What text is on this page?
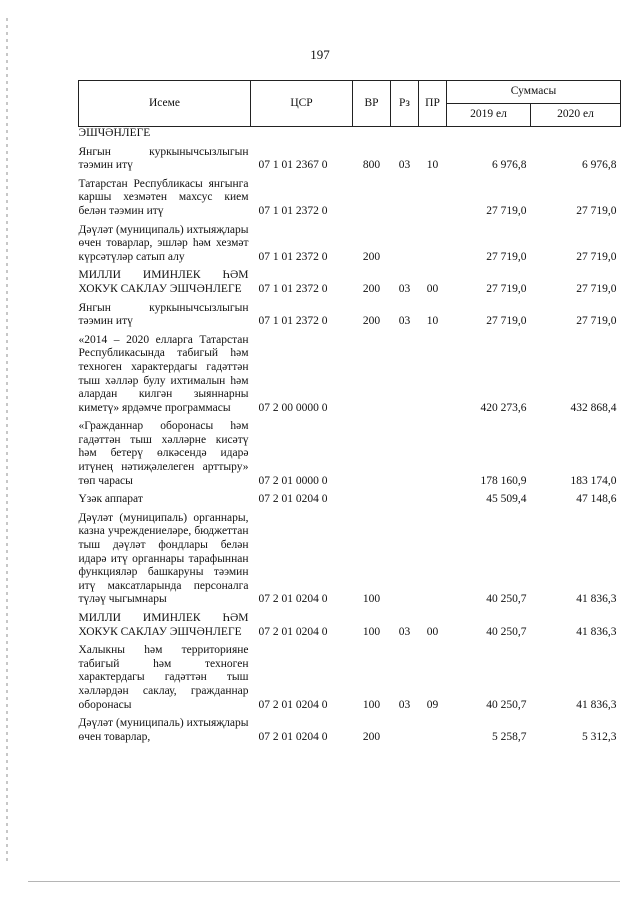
197
Исеме	ЦСР	ВР	Рз	ПР	Суммасы	
					2019 ел	2020 ел
ЭШЧӘНЛЕГЕ						
Янгын куркынычсызлыгын тәэмин итү	07 1 01 2367 0	800	03	10	6 976,8	6 976,8
Татарстан Республикасы янгынга каршы хезмәтен махсус кием белән тәэмин итү	07 1 01 2372 0				27 719,0	27 719,0
Дәүләт (муниципаль) ихтыяҗлары өчен товарлар, эшләр һәм хезмәт күрсәтүләр сатып алу	07 1 01 2372 0	200			27 719,0	27 719,0
МИЛЛИ ИМИНЛЕК ҺӘМ ХОКУК САКЛАУ ЭШЧӘНЛЕГЕ	07 1 01 2372 0	200	03	00	27 719,0	27 719,0
Янгын куркынычсызлыгын тәэмин итү	07 1 01 2372 0	200	03	10	27 719,0	27 719,0
«2014 – 2020 елларга Татарстан Республикасында табигый һәм техноген характердагы гадәттән тыш хәлләр булу ихтималын һәм алардан килгән зыяннарны киметү» ярдәмче программасы	07 2 00 0000 0				420 273,6	432 868,4
«Гражданнар оборонасы һәм гадәттән тыш хәлләрне кисәтү һәм бетерү өлкәсендә идарә итүнең нәтиҗәлелеген арттыру» төп чарасы	07 2 01 0000 0				178 160,9	183 174,0
Үзәк аппарат	07 2 01 0204 0				45 509,4	47 148,6
Дәүләт (муниципаль) органнары, казна учреждениеләре, бюджеттан тыш дәүләт фондлары белән идарә итү органнары тарафыннан функцияләр башкаруны тәэмин итү максатларында персоналга түләү чыгымнары	07 2 01 0204 0	100			40 250,7	41 836,3
МИЛЛИ ИМИНЛЕК ҺӘМ ХОКУК САКЛАУ ЭШЧӘНЛЕГЕ	07 2 01 0204 0	100	03	00	40 250,7	41 836,3
Халыкны һәм территорияне табигый һәм техноген характердагы гадәттән тыш хәлләрдән саклау, гражданнар оборонасы	07 2 01 0204 0	100	03	09	40 250,7	41 836,3
Дәүләт (муниципаль) ихтыяҗлары өчен товарлар,	07 2 01 0204 0	200			5 258,7	5 312,3
